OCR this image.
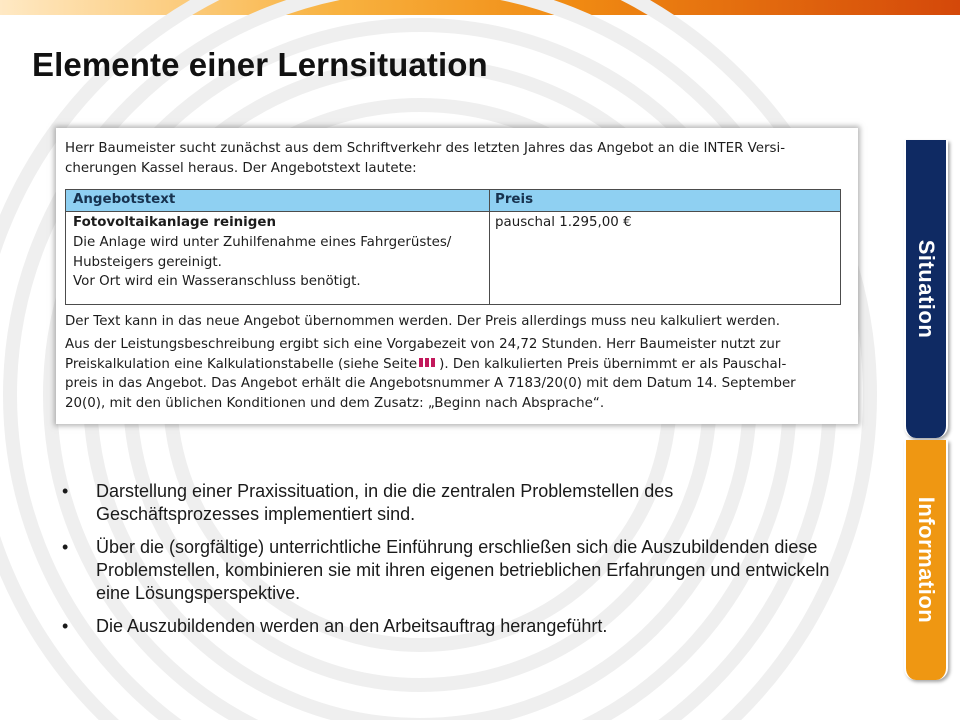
Elemente einer Lernsituation

Herr Baumeister sucht zunächst aus dem Schriftverkehr des letzten Jahres das Angebot an die INTER Versi-
cherungen Kassel heraus. Der Angebotstext lautete:

Angebotstext	Preis
Fotovoltaikanlage reinigen
Die Anlage wird unter Zuhilfenahme eines Fahrgerüstes/
Hubsteigers gereinigt.
Vor Ort wird ein Wasseranschluss benötigt.
pauschal 1.295,00 €

Der Text kann in das neue Angebot übernommen werden. Der Preis allerdings muss neu kalkuliert werden.

Aus der Leistungsbeschreibung ergibt sich eine Vorgabezeit von 24,72 Stunden. Herr Baumeister nutzt zur
Preiskalkulation eine Kalkulationstabelle (siehe Seite ). Den kalkulierten Preis übernimmt er als Pauschal-
preis in das Angebot. Das Angebot erhält die Angebotsnummer A 7183/20(0) mit dem Datum 14. September
20(0), mit den üblichen Konditionen und dem Zusatz: „Beginn nach Absprache“.

• Darstellung einer Praxissituation, in die die zentralen Problemstellen des Geschäftsprozesses implementiert sind.
• Über die (sorgfältige) unterrichtliche Einführung erschließen sich die Auszubildenden diese Problemstellen, kombinieren sie mit ihren eigenen betrieblichen Erfahrungen und entwickeln eine Lösungsperspektive.
• Die Auszubildenden werden an den Arbeitsauftrag herangeführt.
Situation
Information
